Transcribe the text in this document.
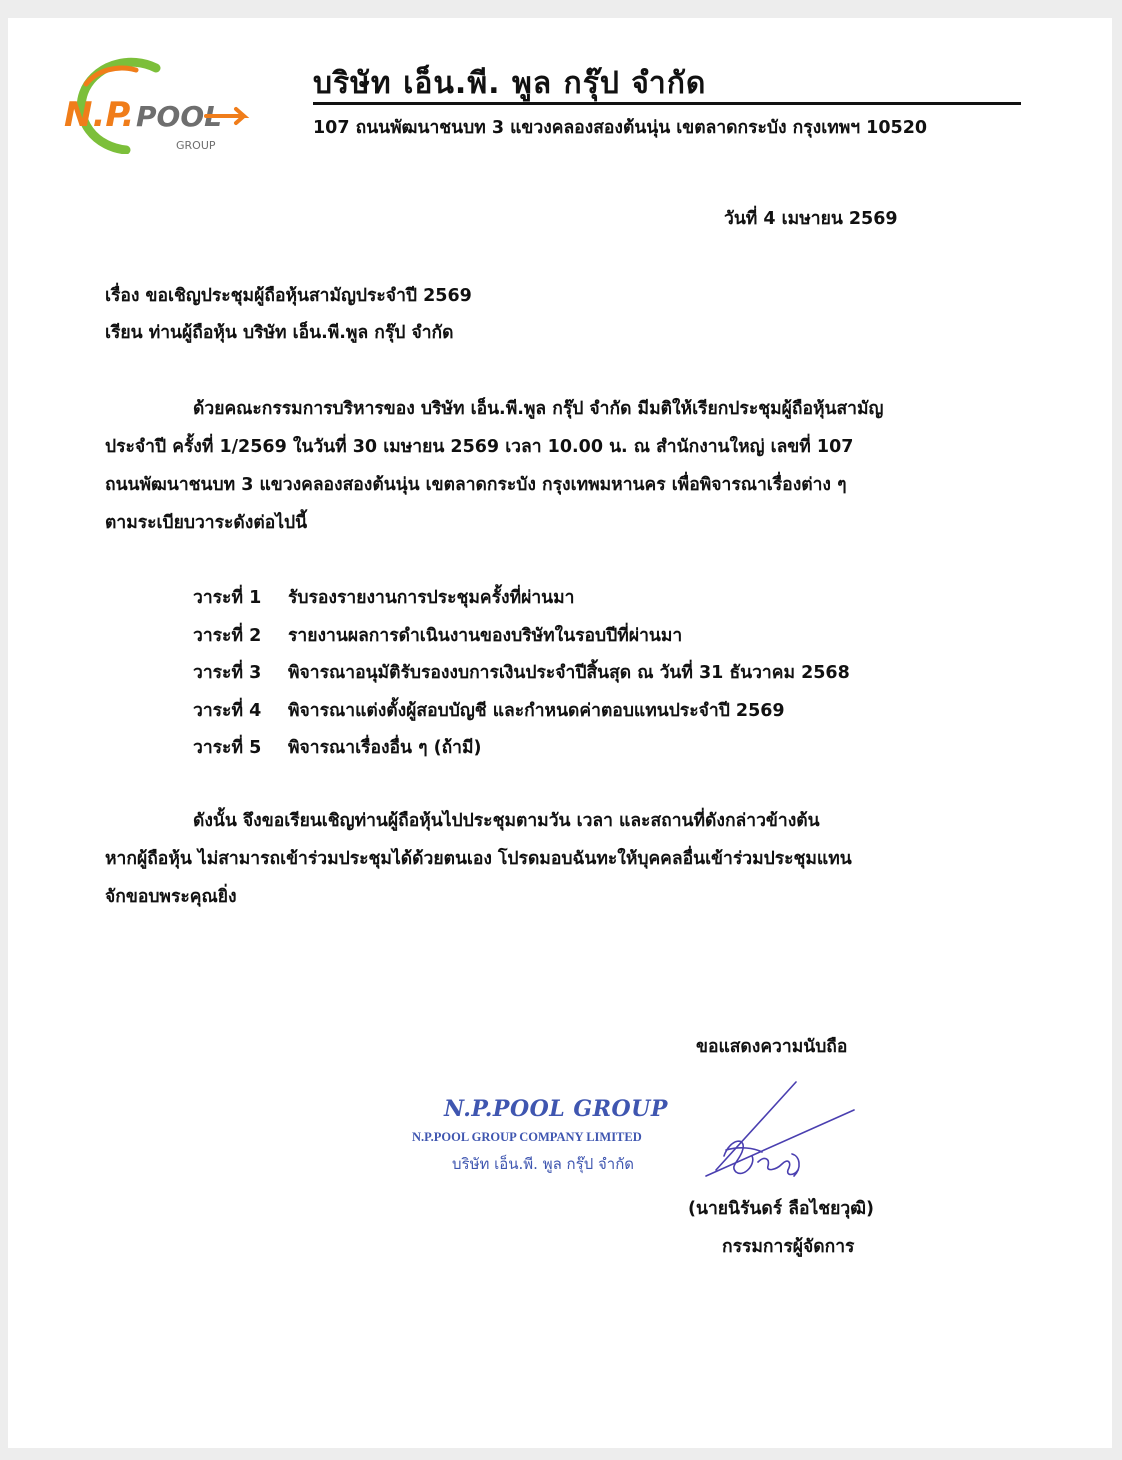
N.P. POOL
GROUP
บริษัท เอ็น.พี. พูล กรุ๊ป จำกัด
107 ถนนพัฒนาชนบท 3 แขวงคลองสองต้นนุ่น เขตลาดกระบัง กรุงเทพฯ 10520
วันที่ 4 เมษายน 2569
เรื่อง ขอเชิญประชุมผู้ถือหุ้นสามัญประจำปี 2569
เรียน ท่านผู้ถือหุ้น บริษัท เอ็น.พี.พูล กรุ๊ป จำกัด
ด้วยคณะกรรมการบริหารของ บริษัท เอ็น.พี.พูล กรุ๊ป จำกัด มีมติให้เรียกประชุมผู้ถือหุ้นสามัญ
ประจำปี ครั้งที่ 1/2569 ในวันที่ 30 เมษายน 2569 เวลา 10.00 น. ณ สำนักงานใหญ่ เลขที่ 107
ถนนพัฒนาชนบท 3 แขวงคลองสองต้นนุ่น เขตลาดกระบัง กรุงเทพมหานคร เพื่อพิจารณาเรื่องต่าง ๆ
ตามระเบียบวาระดังต่อไปนี้
วาระที่ 1 รับรองรายงานการประชุมครั้งที่ผ่านมา
วาระที่ 2 รายงานผลการดำเนินงานของบริษัทในรอบปีที่ผ่านมา
วาระที่ 3 พิจารณาอนุมัติรับรองงบการเงินประจำปีสิ้นสุด ณ วันที่ 31 ธันวาคม 2568
วาระที่ 4 พิจารณาแต่งตั้งผู้สอบบัญชี และกำหนดค่าตอบแทนประจำปี 2569
วาระที่ 5 พิจารณาเรื่องอื่น ๆ (ถ้ามี)
ดังนั้น จึงขอเรียนเชิญท่านผู้ถือหุ้นไปประชุมตามวัน เวลา และสถานที่ดังกล่าวข้างต้น
หากผู้ถือหุ้น ไม่สามารถเข้าร่วมประชุมได้ด้วยตนเอง โปรดมอบฉันทะให้บุคคลอื่นเข้าร่วมประชุมแทน
จักขอบพระคุณยิ่ง
ขอแสดงความนับถือ
N.P.POOL GROUP
N.P.POOL GROUP COMPANY LIMITED
บริษัท เอ็น.พี. พูล กรุ๊ป จำกัด
(นายนิรันดร์ ลือไชยวุฒิ)
กรรมการผู้จัดการ
